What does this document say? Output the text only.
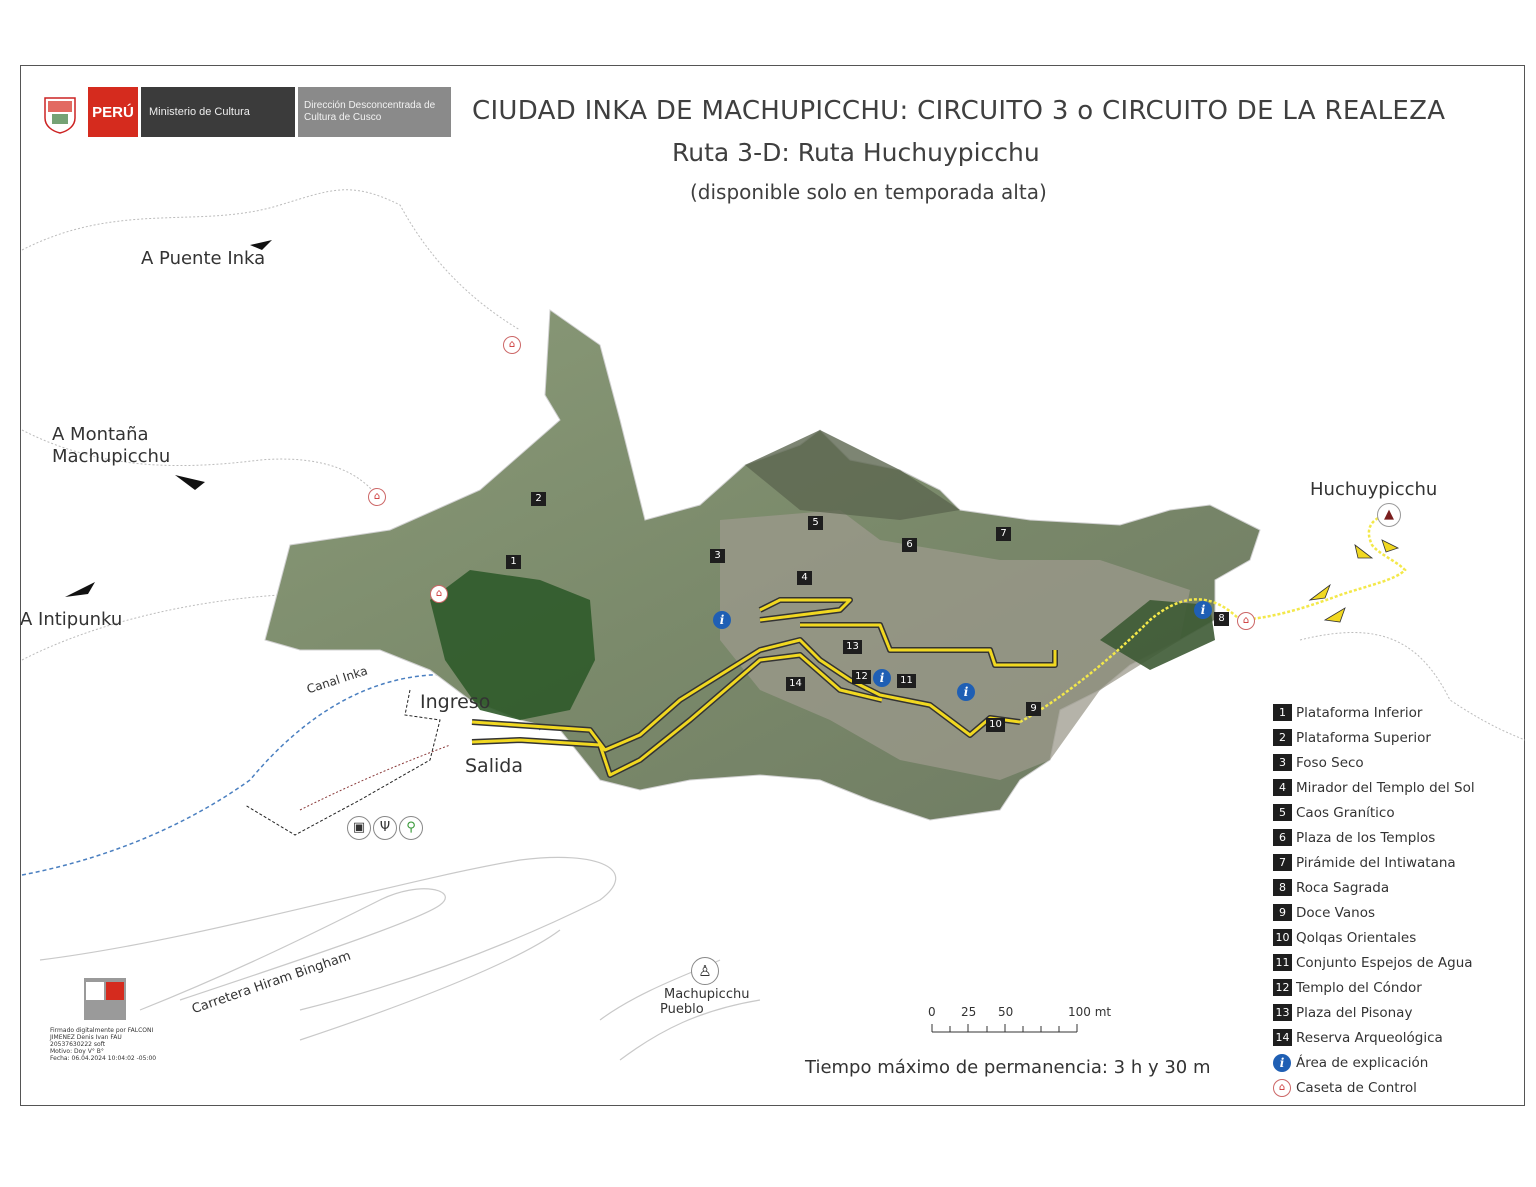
PERÚ	Ministerio de Cultura
Dirección Desconcentrada de Cultura de Cusco	CIUDAD INKA DE MACHUPICCHU: CIRCUITO 3 o CIRCUITO DE LA REALEZA
Ruta 3-D: Ruta Huchuypicchu
(disponible solo en temporada alta)
A Puente Inka
A Montaña
Machupicchu
A Intipunku
Huchuypicchu
Canal Inka
Ingreso
Salida
Carretera Hiram Bingham	Machupicchu
Pueblo
⌂
⌂
⌂
⌂
▲
i
i
i
i
▣	Ψ	⚲
♙
1
2
3
4
5
6
7
8
9
10
11
12
13
14
0 25 50	100 mt
Tiempo máximo de permanencia: 3 h y 30 m
1 Plataforma Inferior
2 Plataforma Superior
3 Foso Seco
4 Mirador del Templo del Sol
5 Caos Granítico
6 Plaza de los Templos
7 Pirámide del Intiwatana
8 Roca Sagrada
9 Doce Vanos
10 Qolqas Orientales
11 Conjunto Espejos de Agua
12 Templo del Cóndor
13 Plaza del Pisonay
14 Reserva Arqueológica
i Área de explicación
⌂ Caseta de Control
Firmado digitalmente por FALCONI
JIMENEZ Denis Ivan FAU
20537630222 soft
Motivo: Doy V° B°
Fecha: 06.04.2024 10:04:02 -05:00
